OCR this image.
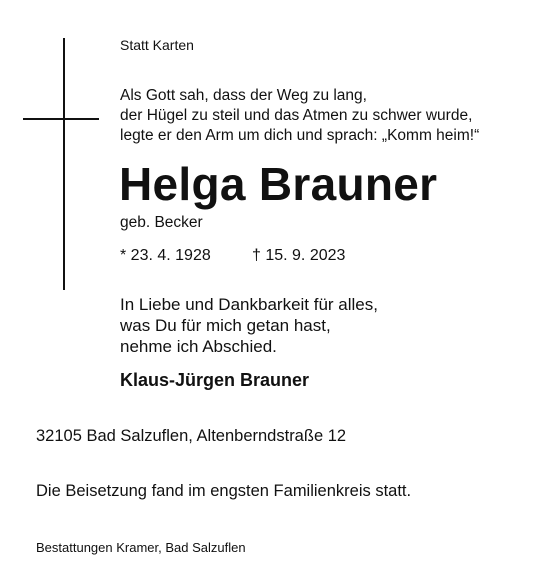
Statt Karten

Als Gott sah, dass der Weg zu lang,
der Hügel zu steil und das Atmen zu schwer wurde,
legte er den Arm um dich und sprach: „Komm heim!“

Helga Brauner

geb. Becker

* 23. 4. 1928	† 15. 9. 2023

In Liebe und Dankbarkeit für alles,
was Du für mich getan hast,
nehme ich Abschied.

Klaus-Jürgen Brauner

32105 Bad Salzuflen, Altenberndstraße 12

Die Beisetzung fand im engsten Familienkreis statt.

Bestattungen Kramer, Bad Salzuflen
